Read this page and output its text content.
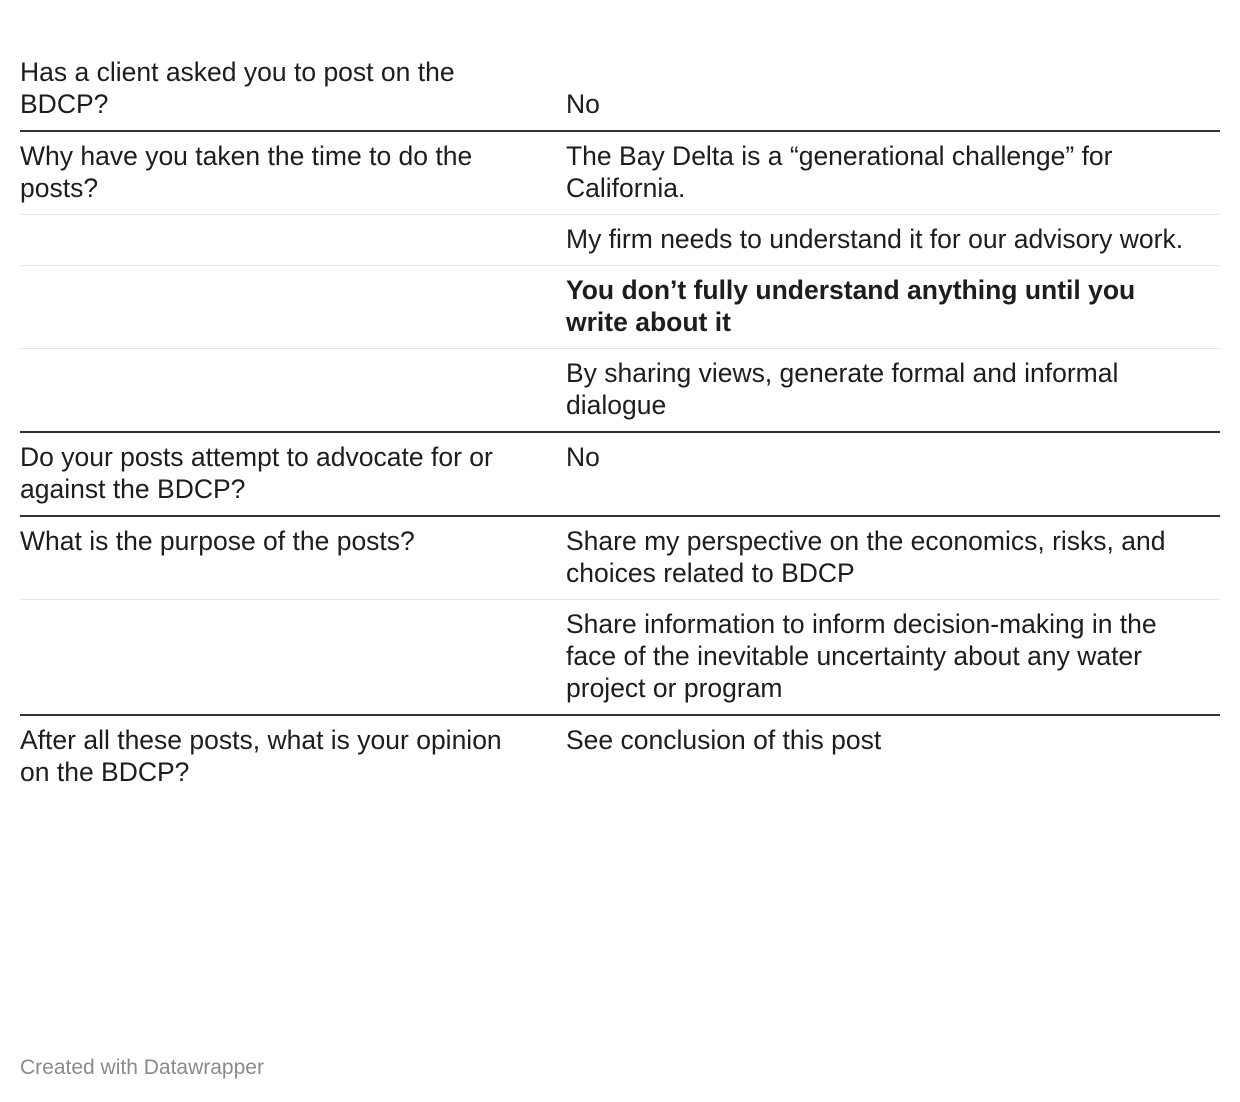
Has a client asked you to post on the BDCP?	No
Why have you taken the time to do the posts?
The Bay Delta is a “generational challenge” for California.
My firm needs to understand it for our advisory work.
You don’t fully understand anything until you write about it
By sharing views, generate formal and informal dialogue
Do your posts attempt to advocate for or against the BDCP?
No
What is the purpose of the posts?	Share my perspective on the economics, risks, and choices related to BDCP
Share information to inform decision-making in the face of the inevitable uncertainty about any water project or program
After all these posts, what is your opinion on the BDCP?
See conclusion of this post
Created with Datawrapper
